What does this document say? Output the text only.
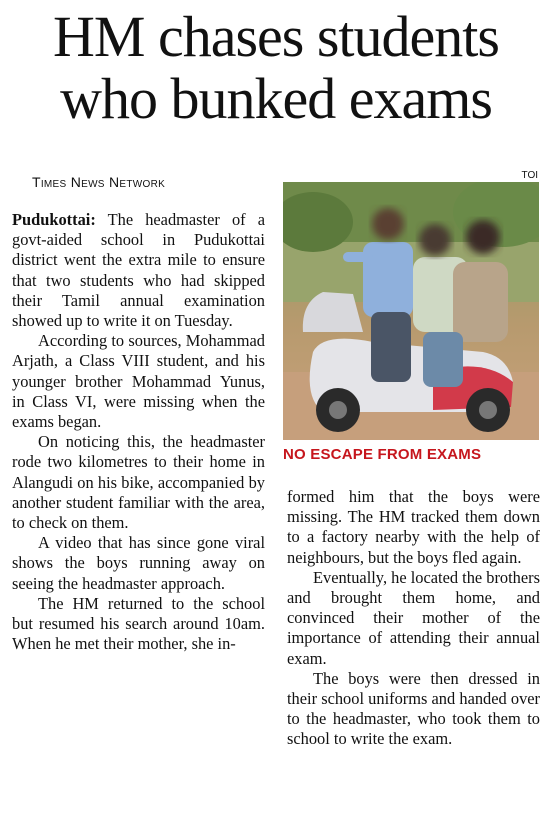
HM chases students
who bunked exams
Times News Network	TOI
NO ESCAPE FROM EXAMS

Pudukottai: The headmaster of a govt-aided school in Pudukottai district went the extra mile to ensure that two students who had skipped their Tamil annual examination showed up to write it on Tuesday.

According to sources, Mohammad Arjath, a Class VIII student, and his younger brother Mohammad Yunus, in Class VI, were missing when the exams began.

On noticing this, the headmaster rode two kilometres to their home in Alangudi on his bike, accompanied by another student familiar with the area, to check on them.

A video that has since gone viral shows the boys running away on seeing the headmaster approach.

The HM returned to the school but resumed his search around 10am. When he met their mother, she in-

formed him that the boys were missing. The HM tracked them down to a factory nearby with the help of neighbours, but the boys fled again.

Eventually, he located the brothers and brought them home, and convinced their mother of the importance of attending their annual exam.

The boys were then dressed in their school uniforms and handed over to the headmaster, who took them to school to write the exam.
